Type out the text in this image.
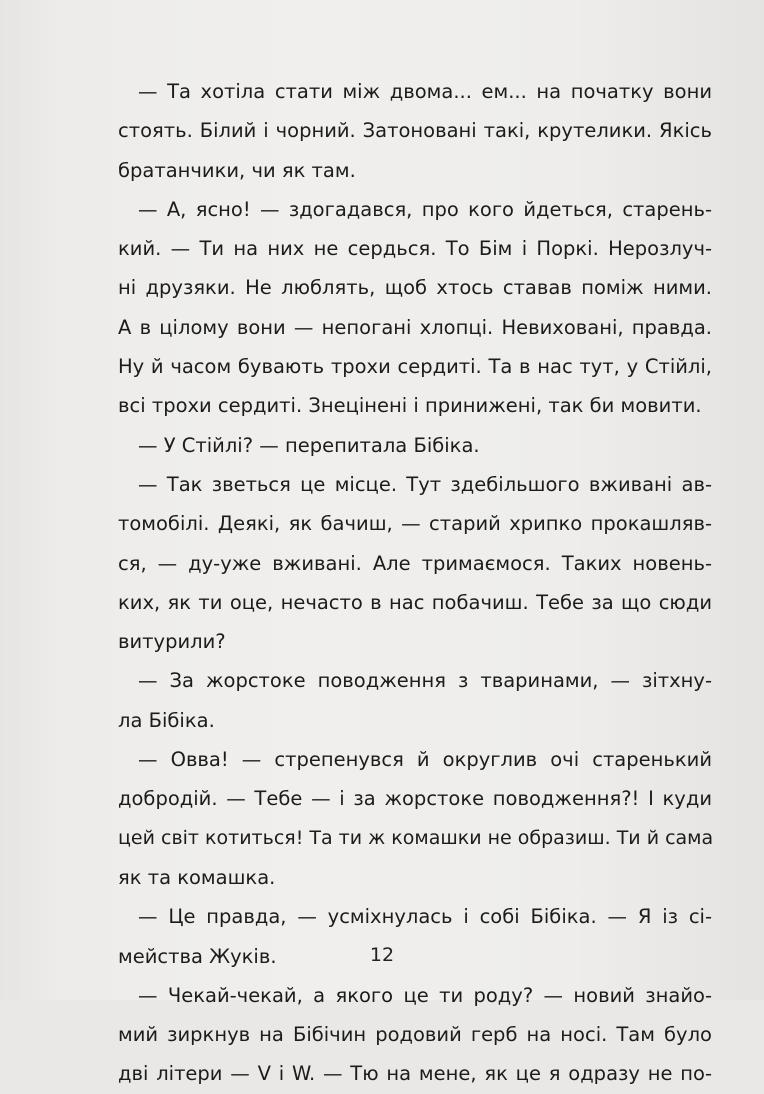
— Та хотіла стати між двома... ем... на початку вони
стоять. Білий і чорний. Затоновані такі, крутелики. Якісь
братанчики, чи як там.
— А, ясно! — здогадався, про кого йдеться, старень-
кий. — Ти на них не сердься. То Бім і Поркі. Нерозлуч-
ні друзяки. Не люблять, щоб хтось ставав поміж ними.
А в цілому вони — непогані хлопці. Невиховані, правда.
Ну й часом бувають трохи сердиті. Та в нас тут, у Стійлі,
всі трохи сердиті. Знецінені і принижені, так би мовити.
— У Стійлі? — перепитала Бібіка.
— Так зветься це місце. Тут здебільшого вживані ав-
томобілі. Деякі, як бачиш, — старий хрипко прокашляв-
ся, — ду-уже вживані. Але тримаємося. Таких новень-
ких, як ти оце, нечасто в нас побачиш. Тебе за що сюди
витурили?
— За жорстоке поводження з тваринами, — зітхну-
ла Бібіка.
— Овва! — стрепенувся й округлив очі старенький
добродій. — Тебе — і за жорстоке поводження?! І куди
цей світ котиться! Та ти ж комашки не образиш. Ти й сама
як та комашка.
— Це правда, — усміхнулась і собі Бібіка. — Я із сі-
мейства Жуків.
— Чекай-чекай, а якого це ти роду? — новий знайо-
мий зиркнув на Бібічин родовий герб на носі. Там було
дві літери — V і W. — Тю на мене, як це я одразу не по-
12
